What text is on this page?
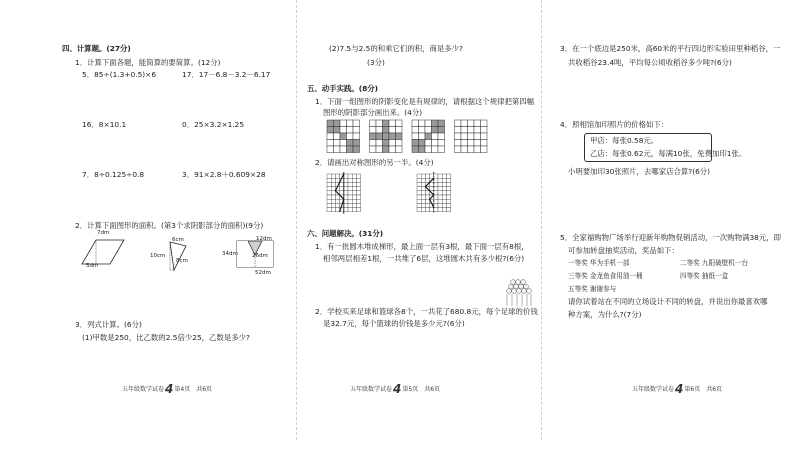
四、计算题。(27分)
1．计算下面各题，能简算的要简算。(12分)
5．85÷(1.3+0.5)×6	17．17－6.8－3.2－6.17
16．8×10.1	0．25×3.2×1.25
7．8÷0.125÷0.8	3．91×2.8＋0.609×28
2．计算下面图形的面积。(第3个求阴影部分的面积)(9分)
7dm
5dm
6cm
10cm
8cm
12dm
34dm	26dm
52dm
3．列式计算。(6分)
(1)甲数是250，比乙数的2.5倍少25，乙数是多少?
五年级数学试卷4第4页　共6页
(2)7.5与2.5的和乘它们的积，商是多少?
(3分)
五、动手实践。(8分)
1．下面一组图形的阴影变化是有规律的，请根据这个规律把第四幅
图形的阴影部分画出来。(4分)
2．请画出对称图形的另一半。(4分)
六、问题解决。(31分)
1．有一批圆木堆成梯形，最上面一层有3根，最下面一层有8根，
相邻两层相差1根，一共堆了6层，这堆圆木共有多少根?(6分)
2．学校买来足球和篮球各8个，一共花了680.8元，每个足球的价钱
是32.7元，每个篮球的价钱是多少元?(6分)
五年级数学试卷4第5页　共6页
3．在一个底边是250米，高60米的平行四边形实验田里种稻谷，一
共收稻谷23.4吨，平均每公顷收稻谷多少吨?(6分)
4．照相馆加印照片的价格如下：
甲店：每张0.58元。
乙店：每张0.62元，每满10张，免费加印1张。
小明要加印30张照片，去哪家店合算?(6分)
5．全家福购物广场举行迎新年购物促销活动，一次购物满38元，即
可参加转盘抽奖活动，奖品如下：
一等奖 华为手机一部	二等奖 九阳破壁机一台
三等奖 金龙鱼食用油一桶	四等奖 抽纸一盒
五等奖 谢谢参与
请你试着站在不同的立场设计不同的转盘，并说出你最喜欢哪
种方案，为什么?(7分)
五年级数学试卷4第6页　共6页
